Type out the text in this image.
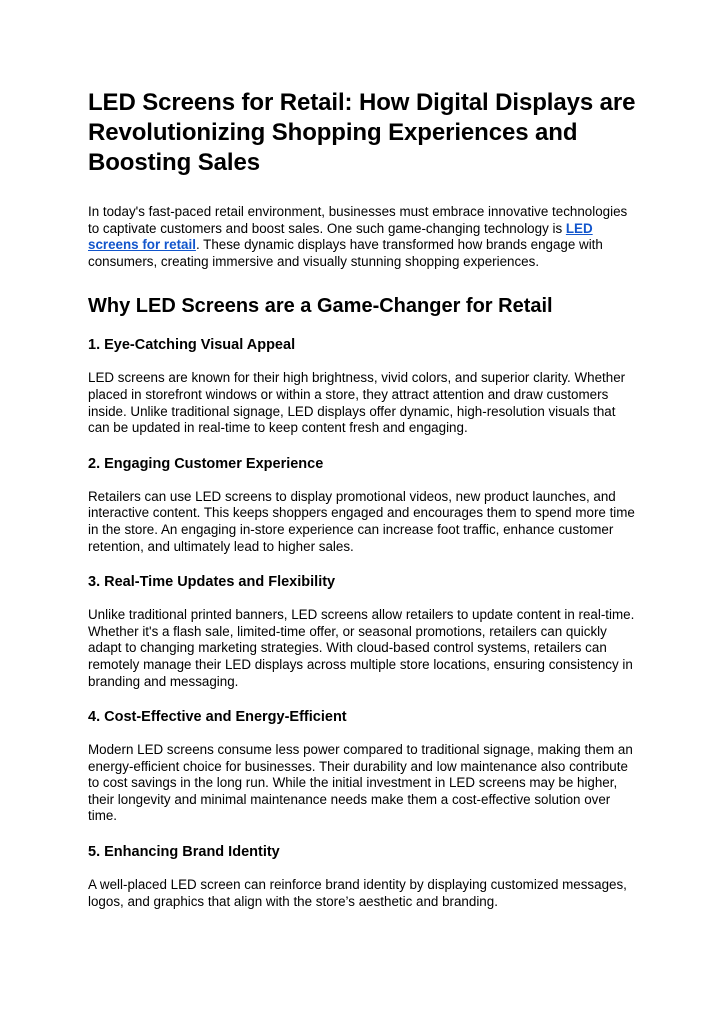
LED Screens for Retail: How Digital Displays are Revolutionizing Shopping Experiences and Boosting Sales

In today's fast-paced retail environment, businesses must embrace innovative technologies to captivate customers and boost sales. One such game-changing technology is LED screens for retail. These dynamic displays have transformed how brands engage with consumers, creating immersive and visually stunning shopping experiences.

Why LED Screens are a Game-Changer for Retail
1. Eye-Catching Visual Appeal

LED screens are known for their high brightness, vivid colors, and superior clarity. Whether placed in storefront windows or within a store, they attract attention and draw customers inside. Unlike traditional signage, LED displays offer dynamic, high-resolution visuals that can be updated in real-time to keep content fresh and engaging.

2. Engaging Customer Experience

Retailers can use LED screens to display promotional videos, new product launches, and interactive content. This keeps shoppers engaged and encourages them to spend more time in the store. An engaging in-store experience can increase foot traffic, enhance customer retention, and ultimately lead to higher sales.

3. Real-Time Updates and Flexibility

Unlike traditional printed banners, LED screens allow retailers to update content in real-time. Whether it's a flash sale, limited-time offer, or seasonal promotions, retailers can quickly adapt to changing marketing strategies. With cloud-based control systems, retailers can remotely manage their LED displays across multiple store locations, ensuring consistency in branding and messaging.

4. Cost-Effective and Energy-Efficient

Modern LED screens consume less power compared to traditional signage, making them an energy-efficient choice for businesses. Their durability and low maintenance also contribute to cost savings in the long run. While the initial investment in LED screens may be higher, their longevity and minimal maintenance needs make them a cost-effective solution over time.

5. Enhancing Brand Identity

A well-placed LED screen can reinforce brand identity by displaying customized messages, logos, and graphics that align with the store’s aesthetic and branding.
